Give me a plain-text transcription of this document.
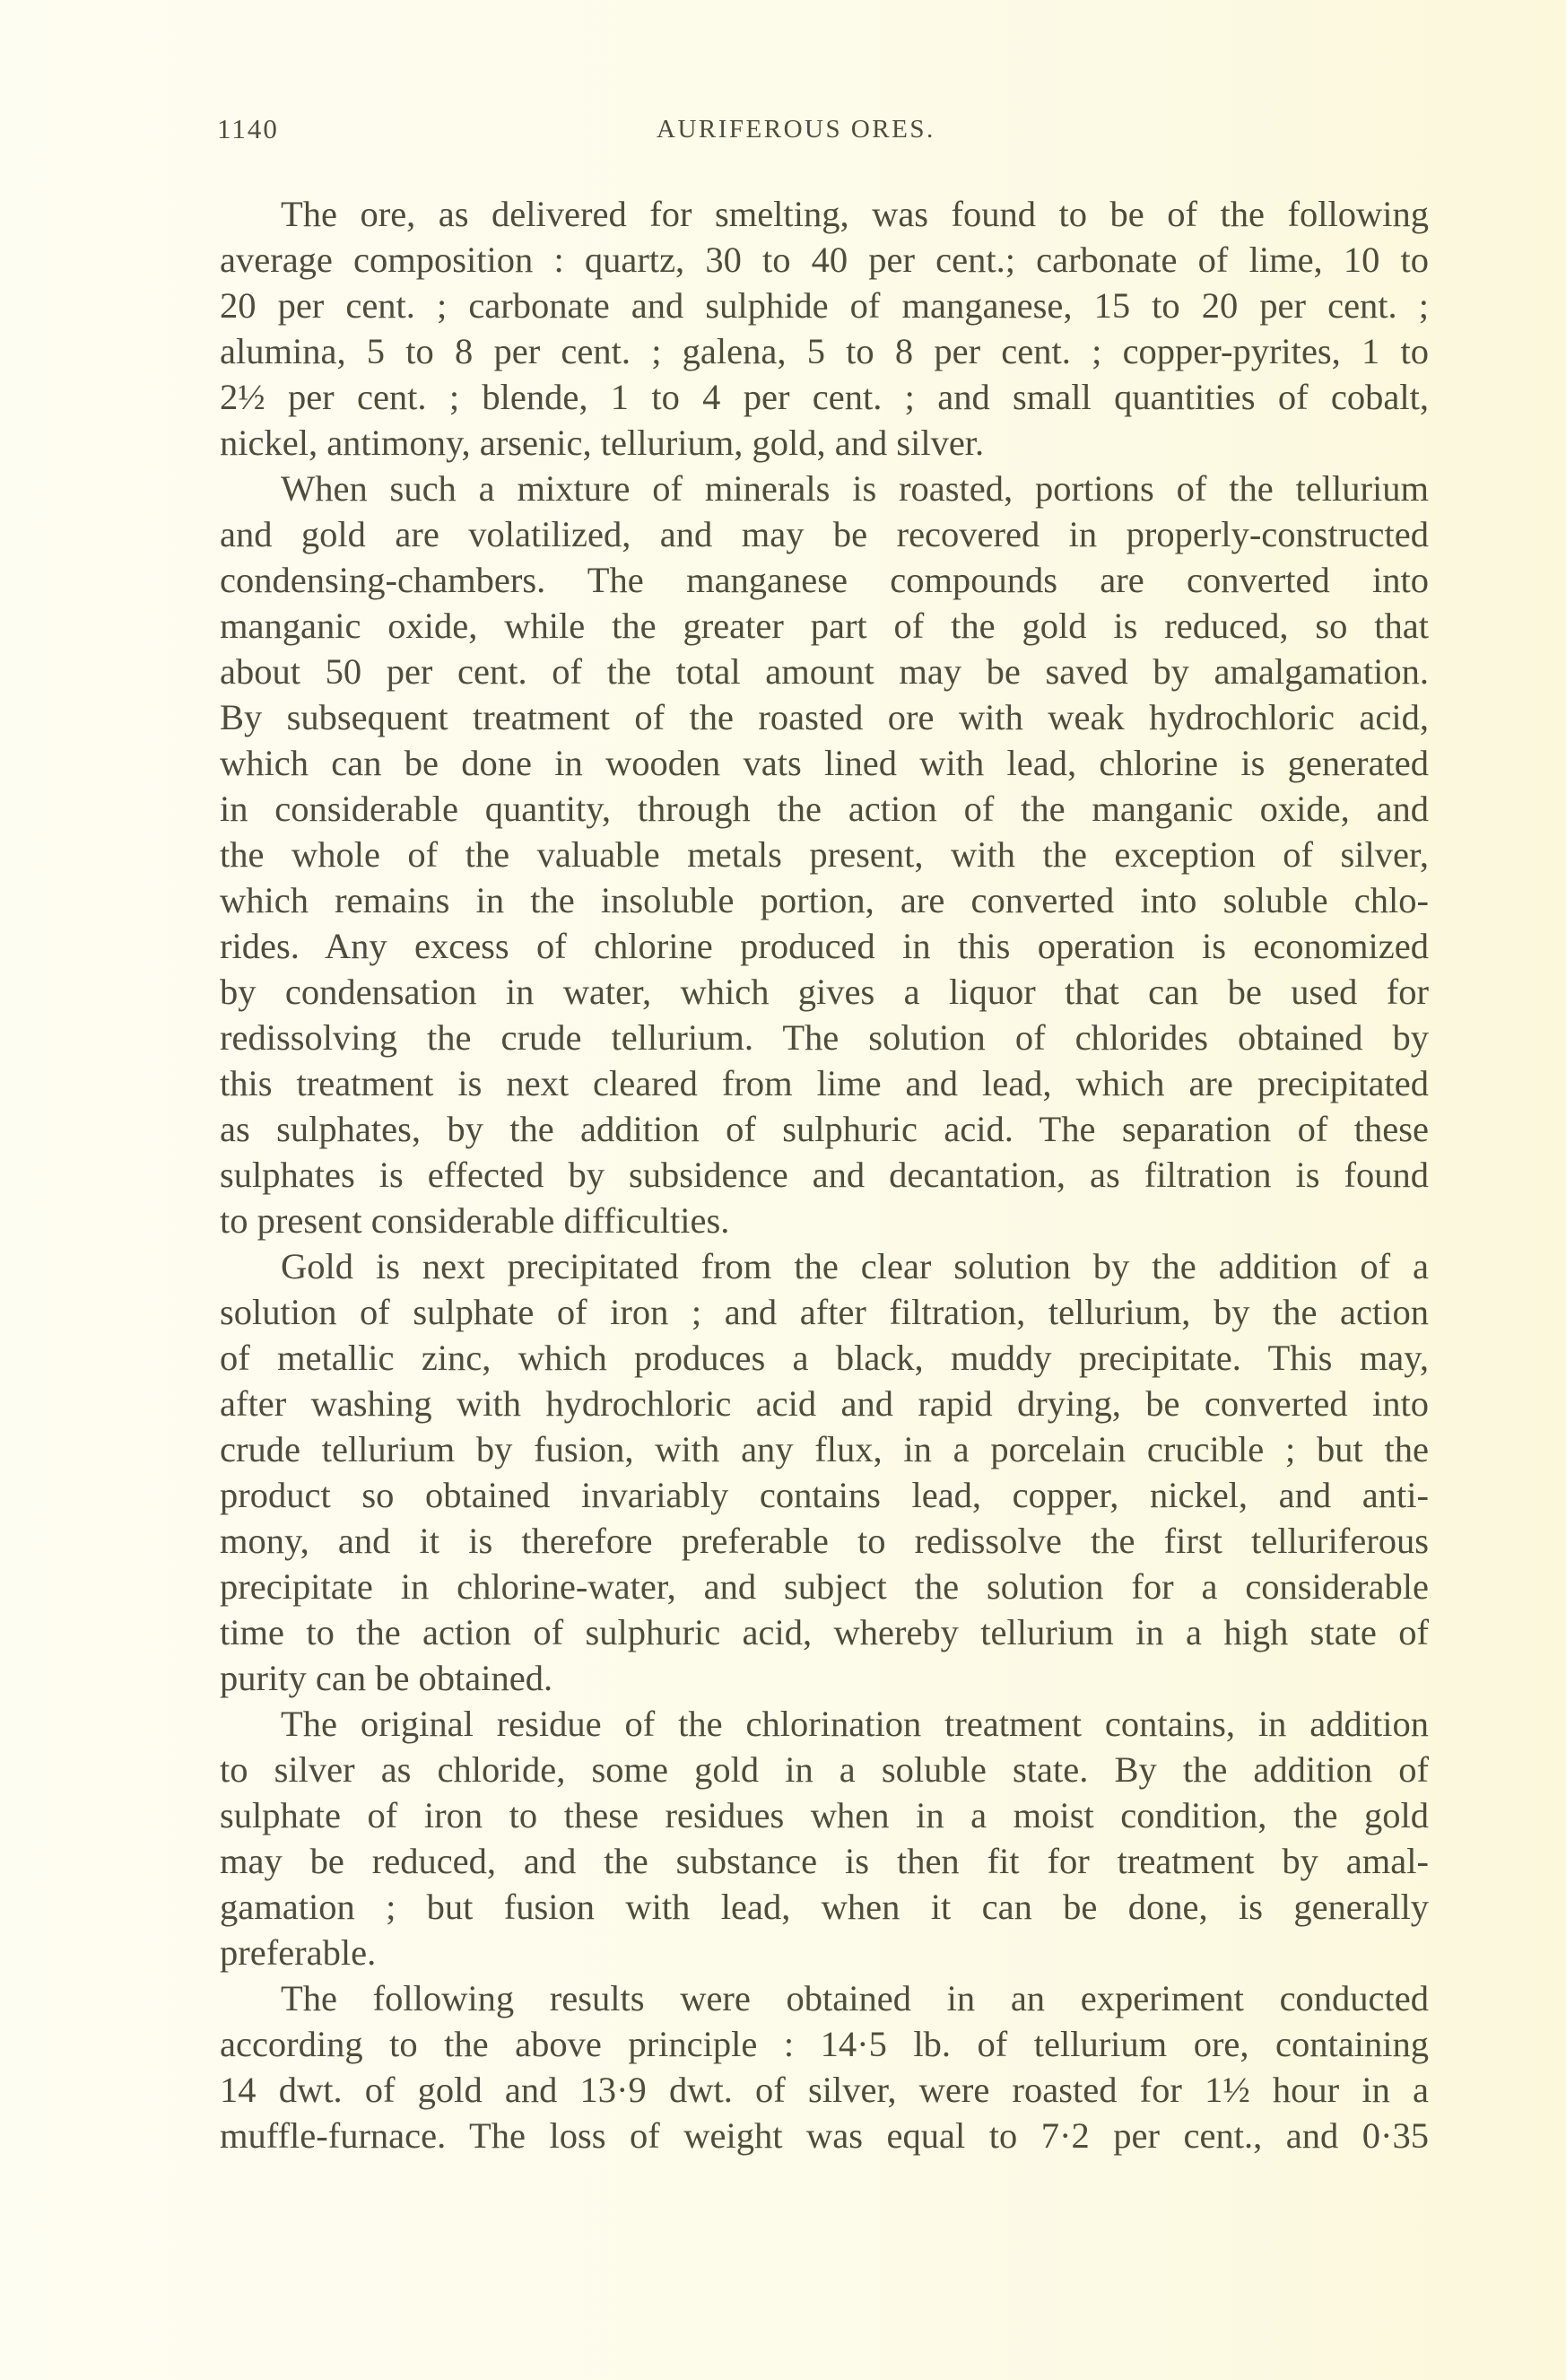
1140	AURIFEROUS ORES.
The ore, as delivered for smelting, was found to be of the following
average composition : quartz, 30 to 40 per cent.; carbonate of lime, 10 to
20 per cent. ; carbonate and sulphide of manganese, 15 to 20 per cent. ;
alumina, 5 to 8 per cent. ; galena, 5 to 8 per cent. ; copper-pyrites, 1 to
2½ per cent. ; blende, 1 to 4 per cent. ; and small quantities of cobalt,
nickel, antimony, arsenic, tellurium, gold, and silver.
When such a mixture of minerals is roasted, portions of the tellurium
and gold are volatilized, and may be recovered in properly-constructed
condensing-chambers. The manganese compounds are converted into
manganic oxide, while the greater part of the gold is reduced, so that
about 50 per cent. of the total amount may be saved by amalgamation.
By subsequent treatment of the roasted ore with weak hydrochloric acid,
which can be done in wooden vats lined with lead, chlorine is generated
in considerable quantity, through the action of the manganic oxide, and
the whole of the valuable metals present, with the exception of silver,
which remains in the insoluble portion, are converted into soluble chlo-
rides. Any excess of chlorine produced in this operation is economized
by condensation in water, which gives a liquor that can be used for
redissolving the crude tellurium. The solution of chlorides obtained by
this treatment is next cleared from lime and lead, which are precipitated
as sulphates, by the addition of sulphuric acid. The separation of these
sulphates is effected by subsidence and decantation, as filtration is found
to present considerable difficulties.
Gold is next precipitated from the clear solution by the addition of a
solution of sulphate of iron ; and after filtration, tellurium, by the action
of metallic zinc, which produces a black, muddy precipitate. This may,
after washing with hydrochloric acid and rapid drying, be converted into
crude tellurium by fusion, with any flux, in a porcelain crucible ; but the
product so obtained invariably contains lead, copper, nickel, and anti-
mony, and it is therefore preferable to redissolve the first telluriferous
precipitate in chlorine-water, and subject the solution for a considerable
time to the action of sulphuric acid, whereby tellurium in a high state of
purity can be obtained.
The original residue of the chlorination treatment contains, in addition
to silver as chloride, some gold in a soluble state. By the addition of
sulphate of iron to these residues when in a moist condition, the gold
may be reduced, and the substance is then fit for treatment by amal-
gamation ; but fusion with lead, when it can be done, is generally
preferable.
The following results were obtained in an experiment conducted
according to the above principle : 14·5 lb. of tellurium ore, containing
14 dwt. of gold and 13·9 dwt. of silver, were roasted for 1½ hour in a
muffle-furnace. The loss of weight was equal to 7·2 per cent., and 0·35
